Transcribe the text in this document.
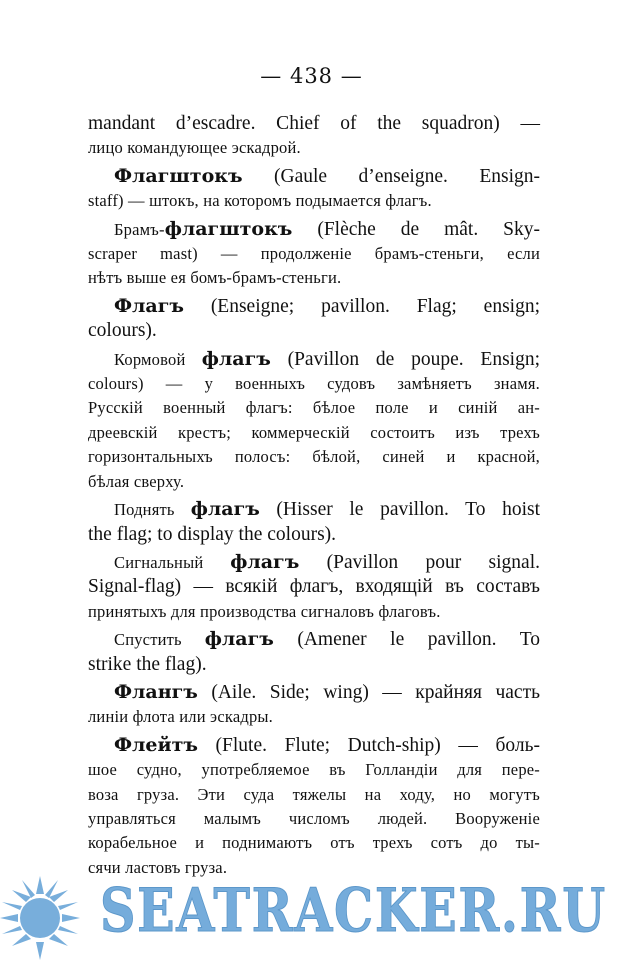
— 438 —
mandant d’escadre. Chief of the squadron) —
лицо командующее эскадрой.
Флагштокъ (Gaule d’enseigne. Ensign-
staff) — штокъ, на которомъ подымается флагъ.
Брамъ-флагштокъ (Flèche de mât. Sky-
scraper mast) — продолженіе брамъ-стеньги, если
нѣтъ выше ея бомъ-брамъ-стеньги.
Флагъ (Enseigne; pavillon. Flag; ensign;
colours).
Кормовой флагъ (Pavillon de poupe. Ensign;
colours) — у военныхъ судовъ замѣняетъ знамя.
Русскій военный флагъ: бѣлое поле и синій ан-
дреевскій крестъ; коммерческій состоитъ изъ трехъ
горизонтальныхъ полосъ: бѣлой, синей и красной,
бѣлая сверху.
Поднять флагъ (Hisser le pavillon. To hoist
the flag; to display the colours).
Сигнальный флагъ (Pavillon pour signal.
Signal-flag) — всякій флагъ, входящій въ составъ
принятыхъ для производства сигналовъ флаговъ.
Спустить флагъ (Amener le pavillon. To
strike the flag).
Флангъ (Aile. Side; wing) — крайняя часть
линіи флота или эскадры.
Флейтъ (Flute. Flute; Dutch-ship) — боль-
шое судно, употребляемое въ Голландіи для пере-
воза груза. Эти суда тяжелы на ходу, но могутъ
управляться малымъ числомъ людей. Вооруженіе
корабельное и поднимаютъ отъ трехъ сотъ до ты-
сячи ластовъ груза.
SEATRACKER.RU
